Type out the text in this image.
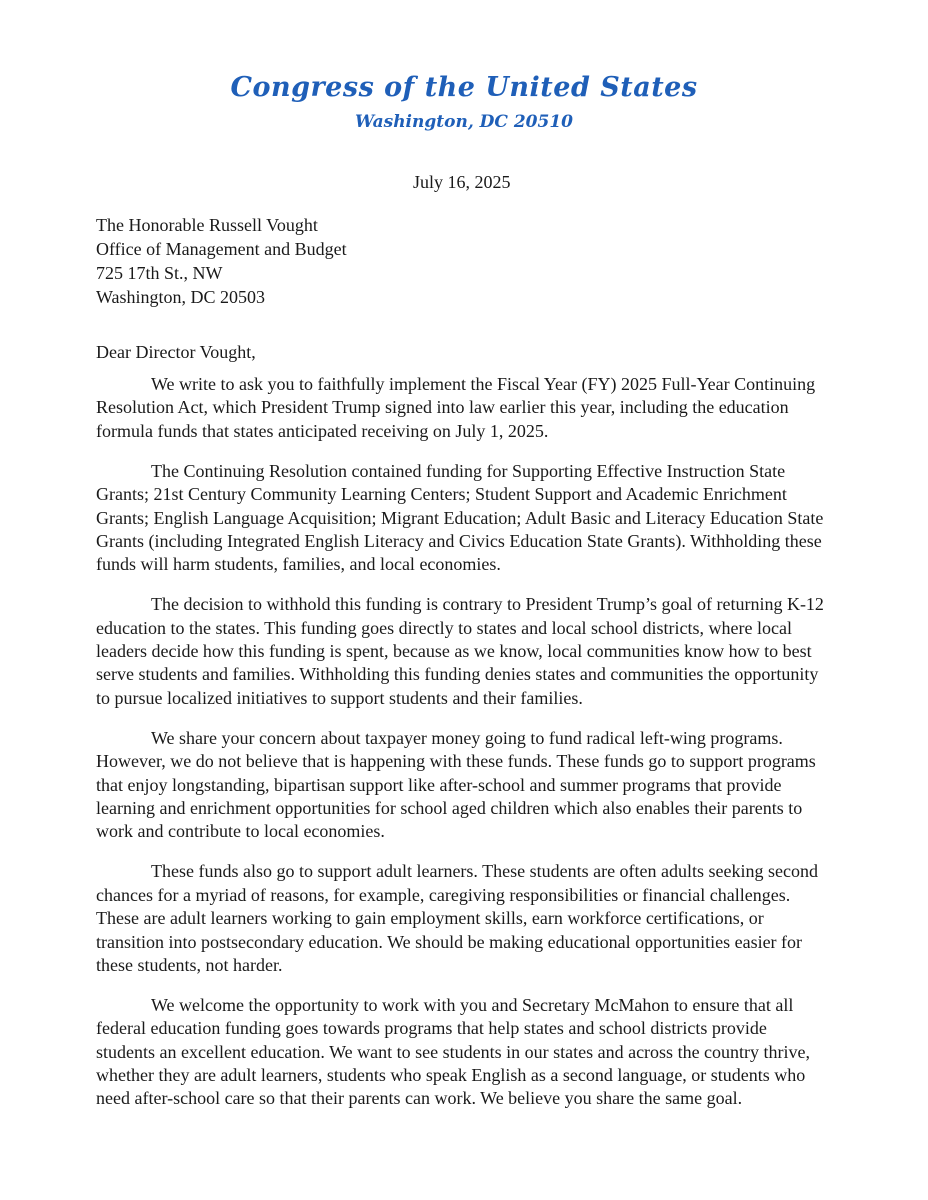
Congress of the United States
Washington, DC 20510
July 16, 2025
The Honorable Russell Vought
Office of Management and Budget
725 17th St., NW
Washington, DC 20503
Dear Director Vought,

We write to ask you to faithfully implement the Fiscal Year (FY) 2025 Full-Year Continuing Resolution Act, which President Trump signed into law earlier this year, including the education formula funds that states anticipated receiving on July 1, 2025.

The Continuing Resolution contained funding for Supporting Effective Instruction State Grants; 21st Century Community Learning Centers; Student Support and Academic Enrichment Grants; English Language Acquisition; Migrant Education; Adult Basic and Literacy Education State Grants (including Integrated English Literacy and Civics Education State Grants). Withholding these funds will harm students, families, and local economies.

The decision to withhold this funding is contrary to President Trump’s goal of returning K-12 education to the states. This funding goes directly to states and local school districts, where local leaders decide how this funding is spent, because as we know, local communities know how to best serve students and families. Withholding this funding denies states and communities the opportunity to pursue localized initiatives to support students and their families.

We share your concern about taxpayer money going to fund radical left-wing programs. However, we do not believe that is happening with these funds. These funds go to support programs that enjoy longstanding, bipartisan support like after-school and summer programs that provide learning and enrichment opportunities for school aged children which also enables their parents to work and contribute to local economies.

These funds also go to support adult learners. These students are often adults seeking second chances for a myriad of reasons, for example, caregiving responsibilities or financial challenges. These are adult learners working to gain employment skills, earn workforce certifications, or transition into postsecondary education. We should be making educational opportunities easier for these students, not harder.

We welcome the opportunity to work with you and Secretary McMahon to ensure that all federal education funding goes towards programs that help states and school districts provide students an excellent education. We want to see students in our states and across the country thrive, whether they are adult learners, students who speak English as a second language, or students who need after-school care so that their parents can work. We believe you share the same goal.
